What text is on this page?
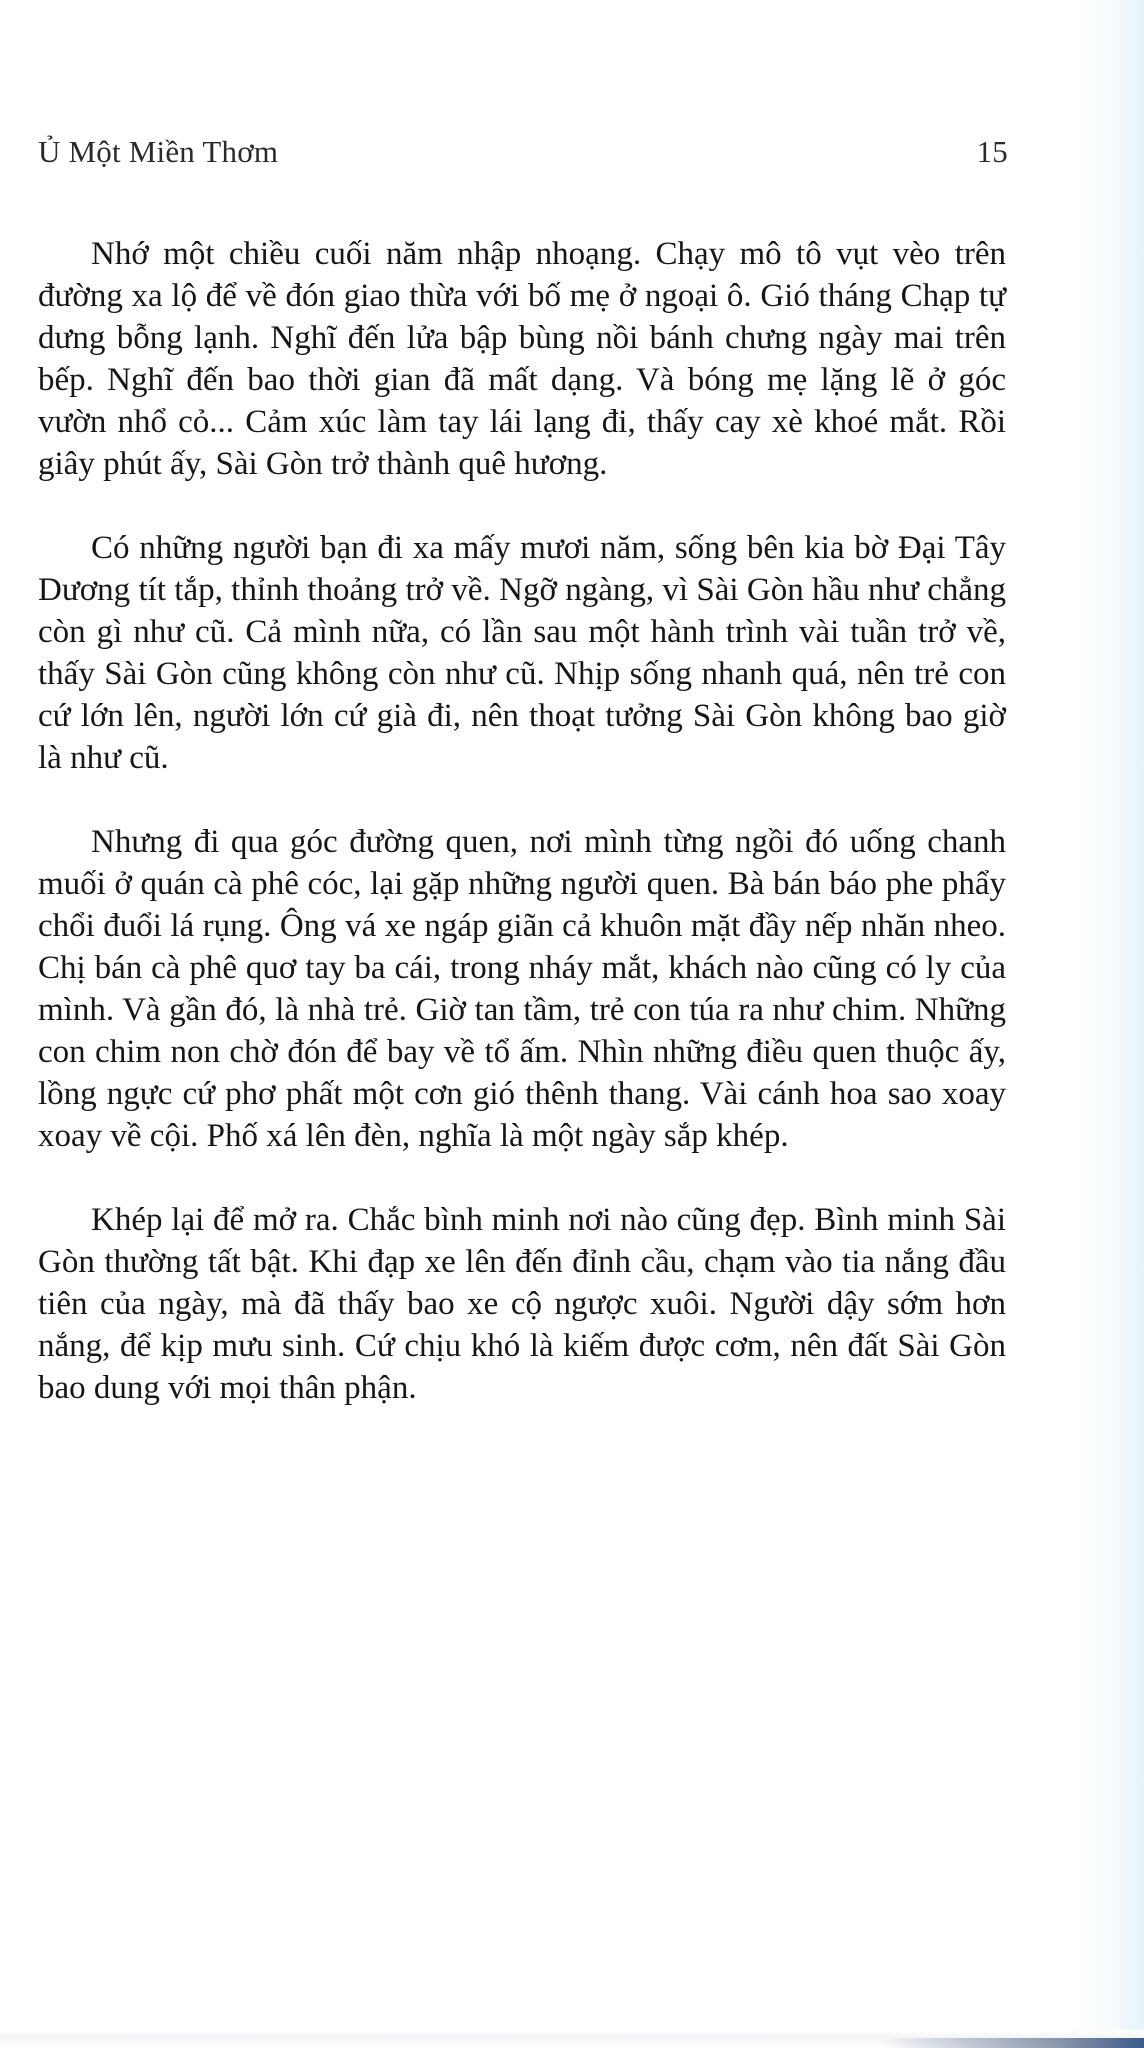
Ủ Một Miền Thơm	15

Nhớ một chiều cuối năm nhập nhoạng. Chạy mô tô vụt vèo trên đường xa lộ để về đón giao thừa với bố mẹ ở ngoại ô. Gió tháng Chạp tự dưng bỗng lạnh. Nghĩ đến lửa bập bùng nồi bánh chưng ngày mai trên bếp. Nghĩ đến bao thời gian đã mất dạng. Và bóng mẹ lặng lẽ ở góc vườn nhổ cỏ... Cảm xúc làm tay lái lạng đi, thấy cay xè khoé mắt. Rồi giây phút ấy, Sài Gòn trở thành quê hương.

Có những người bạn đi xa mấy mươi năm, sống bên kia bờ Đại Tây Dương tít tắp, thỉnh thoảng trở về. Ngỡ ngàng, vì Sài Gòn hầu như chẳng còn gì như cũ. Cả mình nữa, có lần sau một hành trình vài tuần trở về, thấy Sài Gòn cũng không còn như cũ. Nhịp sống nhanh quá, nên trẻ con cứ lớn lên, người lớn cứ già đi, nên thoạt tưởng Sài Gòn không bao giờ là như cũ.

Nhưng đi qua góc đường quen, nơi mình từng ngồi đó uống chanh muối ở quán cà phê cóc, lại gặp những người quen. Bà bán báo phe phẩy chổi đuổi lá rụng. Ông vá xe ngáp giãn cả khuôn mặt đầy nếp nhăn nheo. Chị bán cà phê quơ tay ba cái, trong nháy mắt, khách nào cũng có ly của mình. Và gần đó, là nhà trẻ. Giờ tan tầm, trẻ con túa ra như chim. Những con chim non chờ đón để bay về tổ ấm. Nhìn những điều quen thuộc ấy, lồng ngực cứ phơ phất một cơn gió thênh thang. Vài cánh hoa sao xoay xoay về cội. Phố xá lên đèn, nghĩa là một ngày sắp khép.

Khép lại để mở ra. Chắc bình minh nơi nào cũng đẹp. Bình minh Sài Gòn thường tất bật. Khi đạp xe lên đến đỉnh cầu, chạm vào tia nắng đầu tiên của ngày, mà đã thấy bao xe cộ ngược xuôi. Người dậy sớm hơn nắng, để kịp mưu sinh. Cứ chịu khó là kiếm được cơm, nên đất Sài Gòn bao dung với mọi thân phận.
